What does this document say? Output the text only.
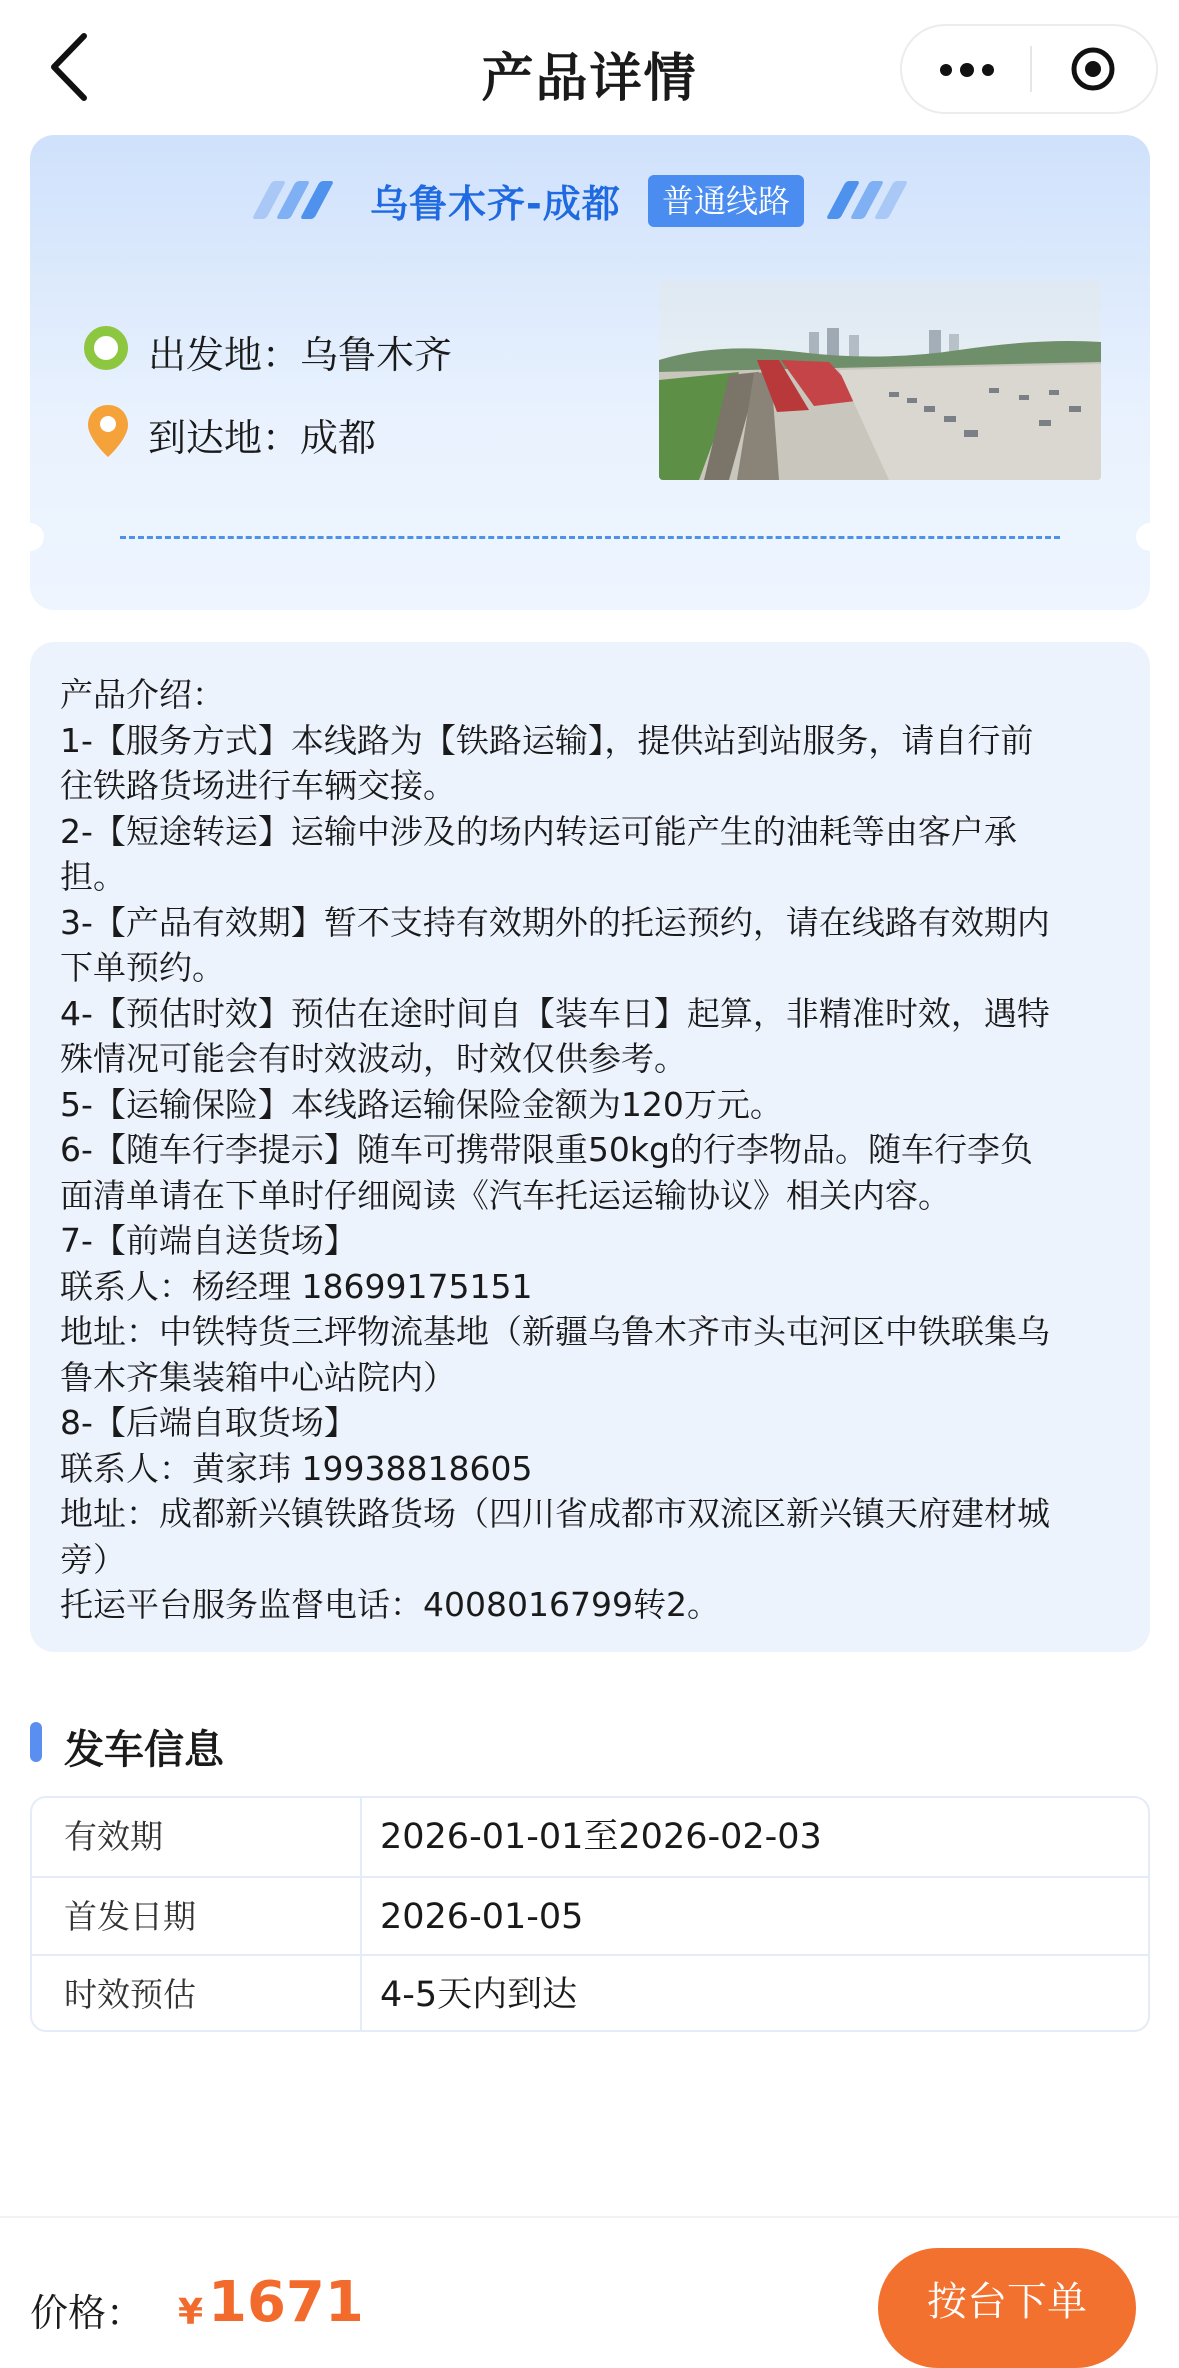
产品详情
乌鲁木齐-成都	普通线路
出发地：乌鲁木齐
到达地：成都
产品介绍：
1-【服务方式】本线路为【铁路运输】，提供站到站服务，请自行前
往铁路货场进行车辆交接。
2-【短途转运】运输中涉及的场内转运可能产生的油耗等由客户承
担。
3-【产品有效期】暂不支持有效期外的托运预约，请在线路有效期内
下单预约。
4-【预估时效】预估在途时间自【装车日】起算，非精准时效，遇特
殊情况可能会有时效波动，时效仅供参考。
5-【运输保险】本线路运输保险金额为120万元。
6-【随车行李提示】随车可携带限重50kg的行李物品。随车行李负
面清单请在下单时仔细阅读《汽车托运运输协议》相关内容。
7-【前端自送货场】
联系人：杨经理 18699175151
地址：中铁特货三坪物流基地（新疆乌鲁木齐市头屯河区中铁联集乌
鲁木齐集装箱中心站院内）
8-【后端自取货场】
联系人：黄家玮 19938818605
地址：成都新兴镇铁路货场（四川省成都市双流区新兴镇天府建材城
旁）
托运平台服务监督电话：4008016799转2。
发车信息
有效期	2026-01-01至2026-02-03
首发日期	2026-01-05
时效预估	4-5天内到达
价格： ¥ 1671	按台下单
